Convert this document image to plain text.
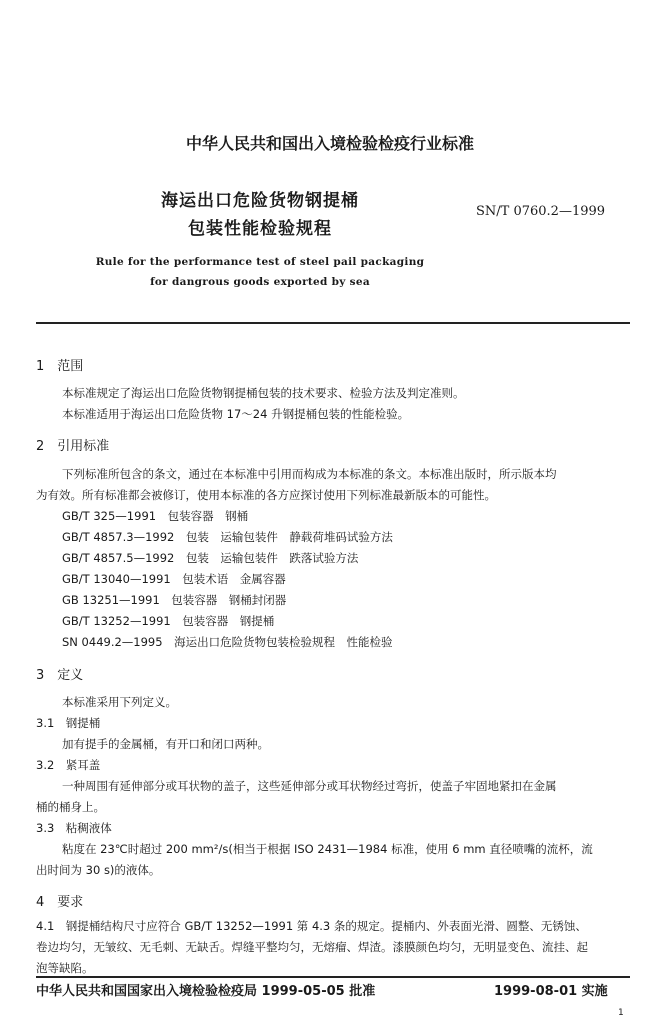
中华人民共和国出入境检验检疫行业标准
海运出口危险货物钢提桶
包装性能检验规程
SN/T 0760.2—1999
Rule for the performance test of steel pail packaging
for dangrous goods exported by sea
1　范围
本标准规定了海运出口危险货物钢提桶包装的技术要求、检验方法及判定准则。
本标准适用于海运出口危险货物 17～24 升钢提桶包装的性能检验。
2　引用标准
下列标准所包含的条文，通过在本标准中引用而构成为本标准的条文。本标准出版时，所示版本均
为有效。所有标准都会被修订，使用本标准的各方应探讨使用下列标准最新版本的可能性。
GB/T 325—1991　包装容器　钢桶
GB/T 4857.3—1992　包装　运输包装件　静载荷堆码试验方法
GB/T 4857.5—1992　包装　运输包装件　跌落试验方法
GB/T 13040—1991　包装术语　金属容器
GB 13251—1991　包装容器　钢桶封闭器
GB/T 13252—1991　包装容器　钢提桶
SN 0449.2—1995　海运出口危险货物包装检验规程　性能检验
3　定义
本标准采用下列定义。
3.1　钢提桶
加有提手的金属桶，有开口和闭口两种。
3.2　紧耳盖
一种周围有延伸部分或耳状物的盖子，这些延伸部分或耳状物经过弯折，使盖子牢固地紧扣在金属
桶的桶身上。
3.3　粘稠液体
粘度在 23℃时超过 200 mm²/s(相当于根据 ISO 2431—1984 标准，使用 6 mm 直径喷嘴的流杯，流
出时间为 30 s)的液体。
4　要求
4.1　钢提桶结构尺寸应符合 GB/T 13252—1991 第 4.3 条的规定。提桶内、外表面光滑、圆整、无锈蚀、
卷边均匀，无皱纹、无毛刺、无缺舌。焊缝平整均匀，无熔瘤、焊渣。漆膜颜色均匀，无明显变色、流挂、起
泡等缺陷。
中华人民共和国国家出入境检验检疫局 1999-05-05 批准	1999-08-01 实施
1
